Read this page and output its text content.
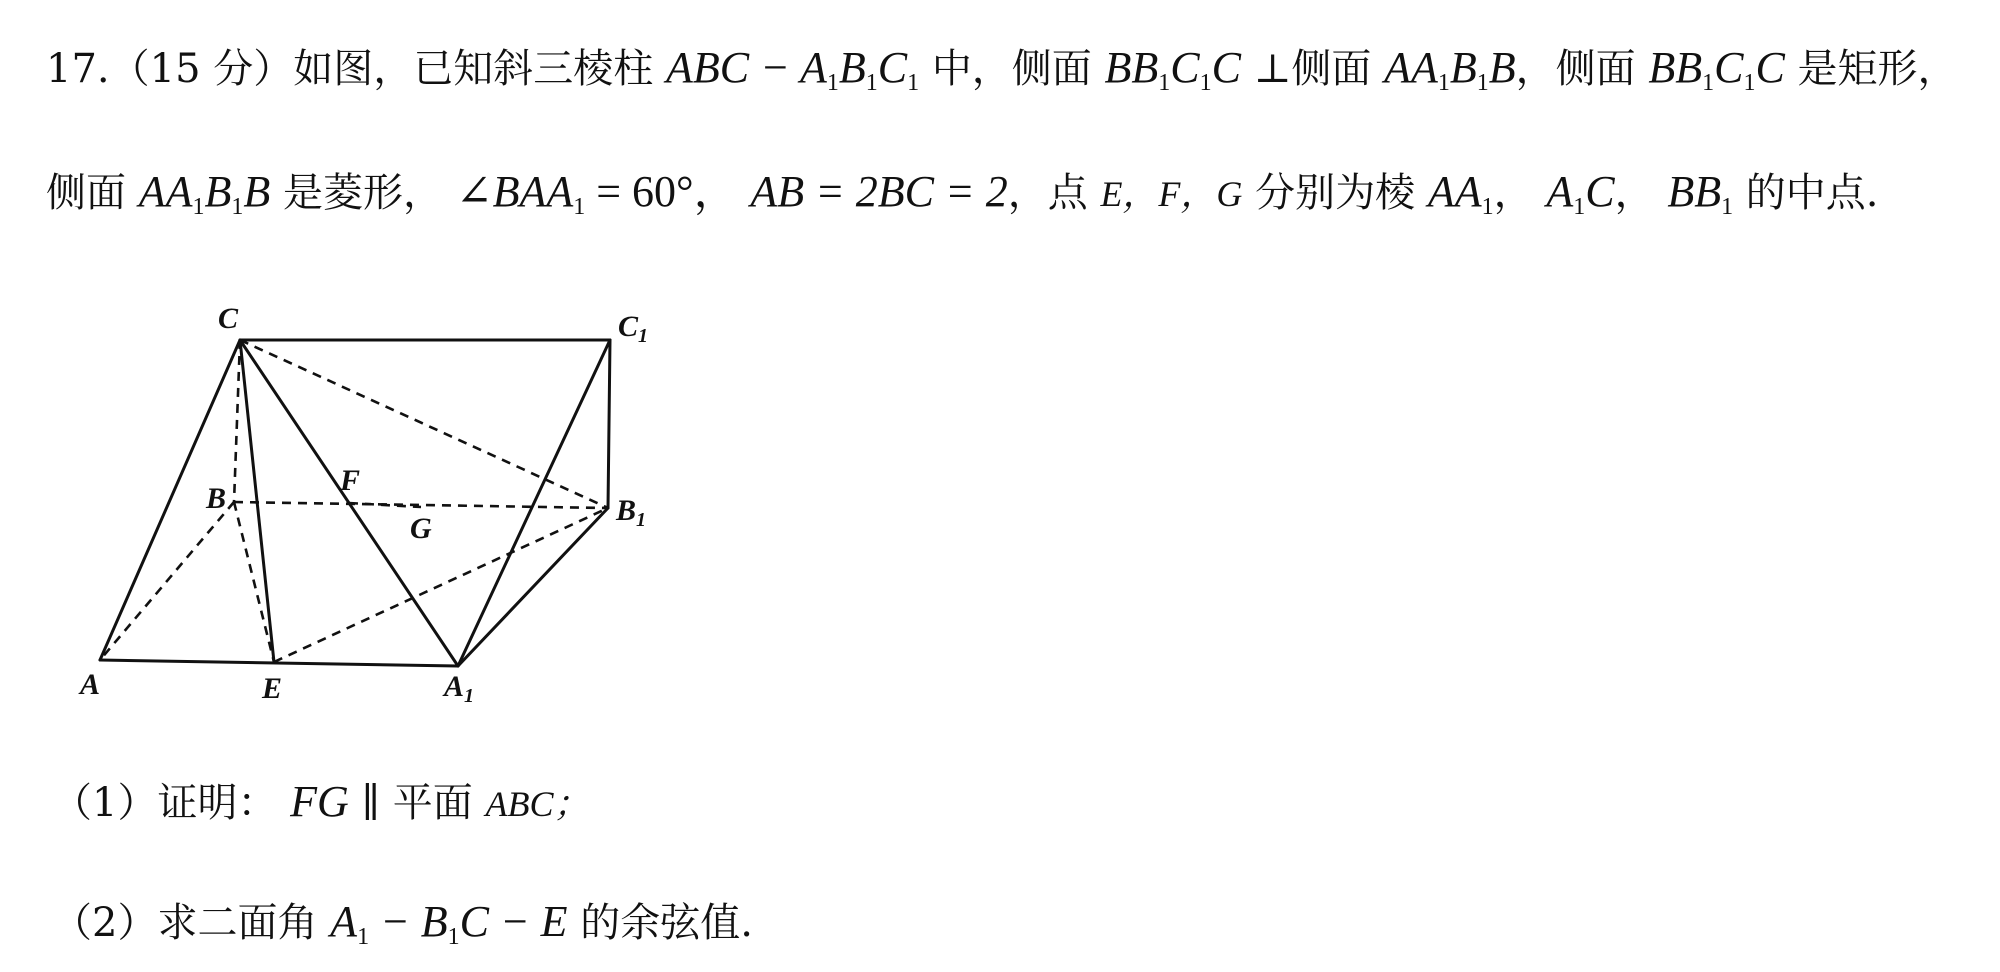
17.（15 分）如图，已知斜三棱柱 ABC − $A_1B_1C_1$ 中，侧面 $BB_1C_1C$ ⊥侧面 $AA_1B_1B$，侧面 $BB_1C_1C$ 是矩形，
侧面 $AA_1B_1B$ 是菱形， $\angle BAA_1 = 60^\circ$， AB = 2BC = 2，点 E，F，G 分别为棱 $AA_1$， $A_1C$， $BB_1$ 的中点.
C	$C_1$
B	$B_1$
F
G
A	E	$A_1$
（1）证明： FG ∥ 平面 ABC；
（2）求二面角 $A_1 - B_1C - E$ 的余弦值.
